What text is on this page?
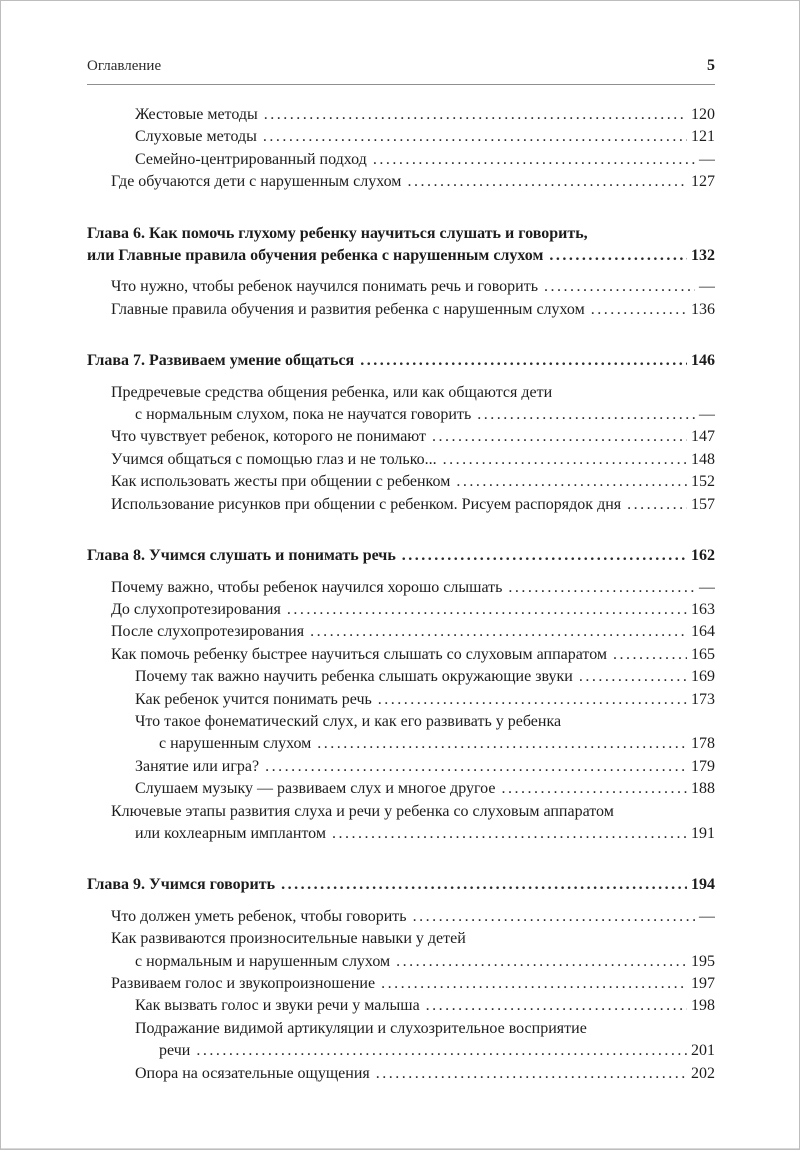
Оглавление	5
Жестовые методы .....	120
Слуховые методы .....	121
Семейно-центрированный подход .....	—
Где обучаются дети с нарушенным слухом .....	127
Глава 6. Как помочь глухому ребенку научиться слушать и говорить,
или Главные правила обучения ребенка с нарушенным слухом .....	132
Что нужно, чтобы ребенок научился понимать речь и говорить .....	—
Главные правила обучения и развития ребенка с нарушенным слухом .....	136
Глава 7. Развиваем умение общаться .....	146
Предречевые средства общения ребенка, или как общаются дети
с нормальным слухом, пока не научатся говорить .....	—
Что чувствует ребенок, которого не понимают .....	147
Учимся общаться с помощью глаз и не только... .....	148
Как использовать жесты при общении с ребенком .....	152
Использование рисунков при общении с ребенком. Рисуем распорядок дня .....	157
Глава 8. Учимся слушать и понимать речь .....	162
Почему важно, чтобы ребенок научился хорошо слышать .....	—
До слухопротезирования .....	163
После слухопротезирования .....	164
Как помочь ребенку быстрее научиться слышать со слуховым аппаратом .....	165
Почему так важно научить ребенка слышать окружающие звуки .....	169
Как ребенок учится понимать речь .....	173
Что такое фонематический слух, и как его развивать у ребенка
с нарушенным слухом .....	178
Занятие или игра? .....	179
Слушаем музыку — развиваем слух и многое другое .....	188
Ключевые этапы развития слуха и речи у ребенка со слуховым аппаратом
или кохлеарным имплантом .....	191
Глава 9. Учимся говорить .....	194
Что должен уметь ребенок, чтобы говорить .....	—
Как развиваются произносительные навыки у детей
с нормальным и нарушенным слухом .....	195
Развиваем голос и звукопроизношение .....	197
Как вызвать голос и звуки речи у малыша .....	198
Подражание видимой артикуляции и слухозрительное восприятие
речи .....	201
Опора на осязательные ощущения .....	202
